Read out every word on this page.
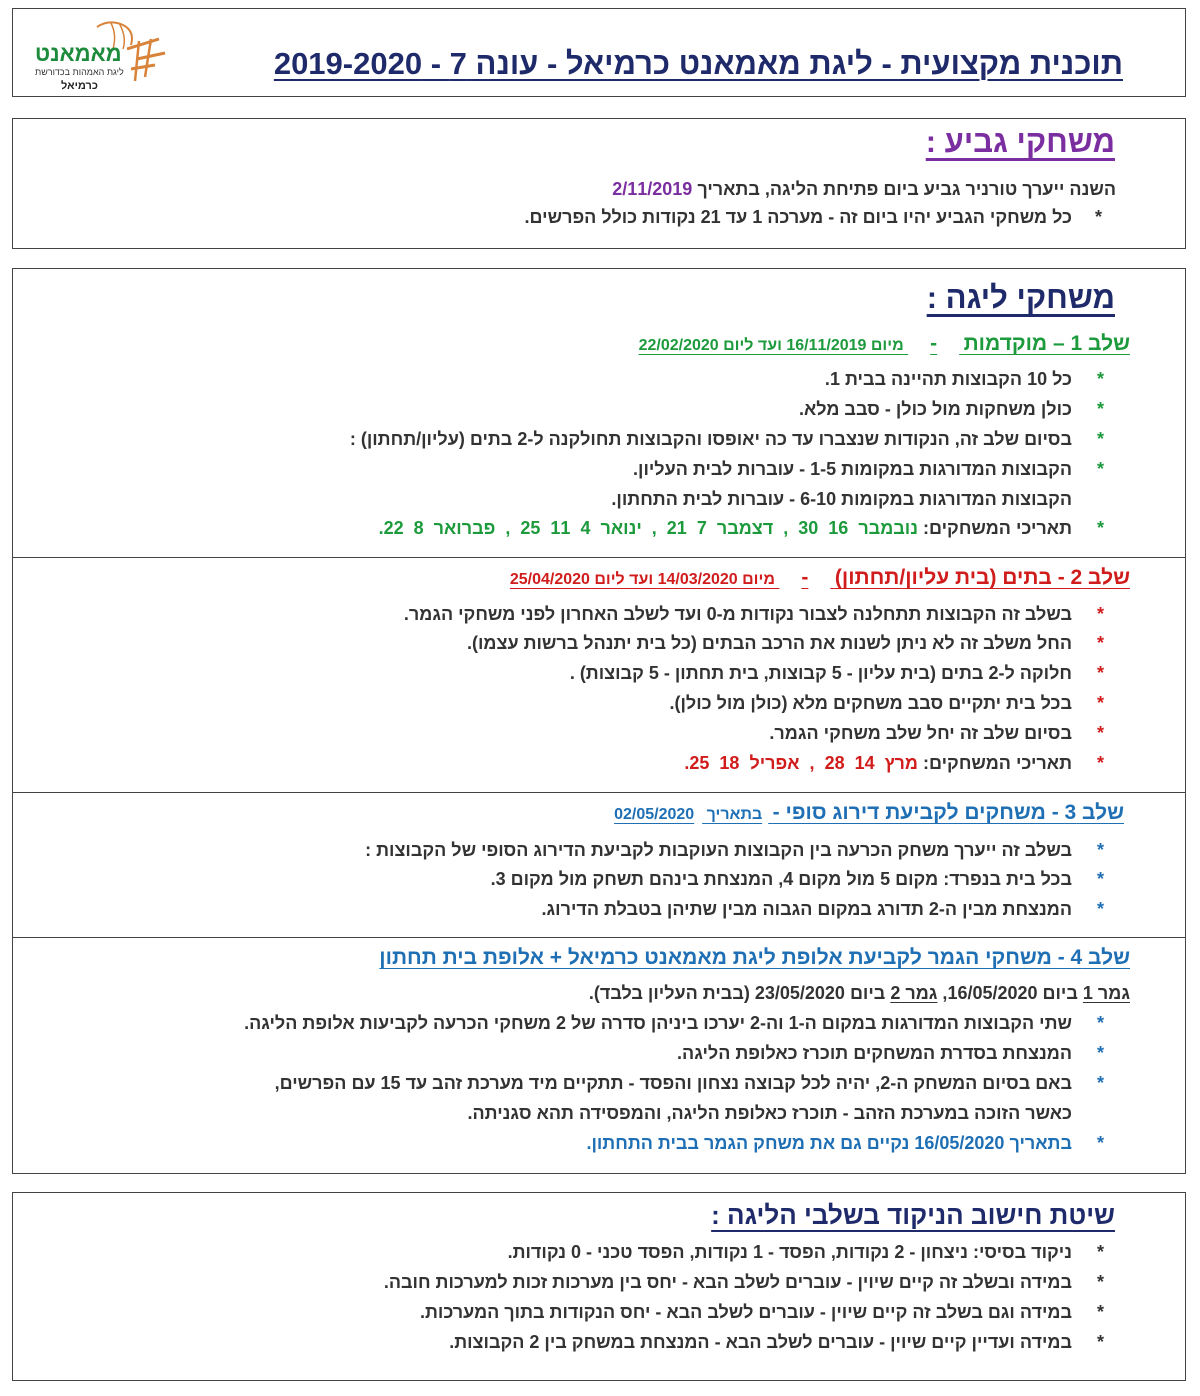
מאמאנט
ליגת האמהות בכדורשת
כרמיאל
תוכנית מקצועית - ליגת מאמאנט כרמיאל - עונה 7 - 2019-2020
משחקי גביע :
השנה ייערך טורניר גביע ביום פתיחת הליגה, בתאריך 2/11/2019
*
כל משחקי הגביע יהיו ביום זה - מערכה 1 עד 21 נקודות כולל הפרשים.
משחקי ליגה :
שלב 1 – מוקדמות - מיום 16/11/2019 ועד ליום 22/02/2020
*
כל 10 הקבוצות תהיינה בבית 1.
*
כולן משחקות מול כולן - סבב מלא.
*
בסיום שלב זה, הנקודות שנצברו עד כה יאופסו והקבוצות תחולקנה ל-2 בתים (עליון/תחתון) :
*
הקבוצות המדורגות במקומות 1-5 - עוברות לבית העליון.
הקבוצות המדורגות במקומות 6-10 - עוברות לבית התחתון.
*
תאריכי המשחקים: נובמבר  16  30  ,  דצמבר  7  21  ,  ינואר  4  11  25  ,  פברואר  8  22.
שלב 2 - בתים (בית עליון/תחתון) - מיום 14/03/2020 ועד ליום 25/04/2020
*
בשלב זה הקבוצות תתחלנה לצבור נקודות מ-0 ועד לשלב האחרון לפני משחקי הגמר.
*
החל משלב זה לא ניתן לשנות את הרכב הבתים (כל בית יתנהל ברשות עצמו).
*
חלוקה ל-2 בתים (בית עליון - 5 קבוצות, בית תחתון - 5 קבוצות) .
*
בכל בית יתקיים סבב משחקים מלא (כולן מול כולן).
*
בסיום שלב זה יחל שלב משחקי הגמר.
*
תאריכי המשחקים: מרץ  14  28  ,  אפריל  18  25.
שלב 3 - משחקים לקביעת דירוג סופי - בתאריך 02/05/2020
*
בשלב זה ייערך משחק הכרעה בין הקבוצות העוקבות לקביעת הדירוג הסופי של הקבוצות :
*
בכל בית בנפרד: מקום 5 מול מקום 4, המנצחת בינהם תשחק מול מקום 3.
*
המנצחת מבין ה-2 תדורג במקום הגבוה מבין שתיהן בטבלת הדירוג.
שלב 4 - משחקי הגמר לקביעת אלופת ליגת מאמאנט כרמיאל + אלופת בית תחתון
גמר 1 ביום 16/05/2020, גמר 2 ביום 23/05/2020 (בבית העליון בלבד).
*
שתי הקבוצות המדורגות במקום ה-1 וה-2 יערכו ביניהן סדרה של 2 משחקי הכרעה לקביעות אלופת הליגה.
*
המנצחת בסדרת המשחקים תוכרז כאלופת הליגה.
*
באם בסיום המשחק ה-2, יהיה לכל קבוצה נצחון והפסד - תתקיים מיד מערכת זהב עד 15 עם הפרשים,
כאשר הזוכה במערכת הזהב - תוכרז כאלופת הליגה, והמפסידה תהא סגניתה.
*
בתאריך 16/05/2020 נקיים גם את משחק הגמר בבית התחתון.
שיטת חישוב הניקוד בשלבי הליגה :
*
ניקוד בסיסי: ניצחון - 2 נקודות, הפסד - 1 נקודות, הפסד טכני - 0 נקודות.
*
במידה ובשלב זה קיים שיוין - עוברים לשלב הבא - יחס בין מערכות זכות למערכות חובה.
*
במידה וגם בשלב זה קיים שיוין - עוברים לשלב הבא - יחס הנקודות בתוך המערכות.
*
במידה ועדיין קיים שיוין - עוברים לשלב הבא - המנצחת במשחק בין 2 הקבוצות.
